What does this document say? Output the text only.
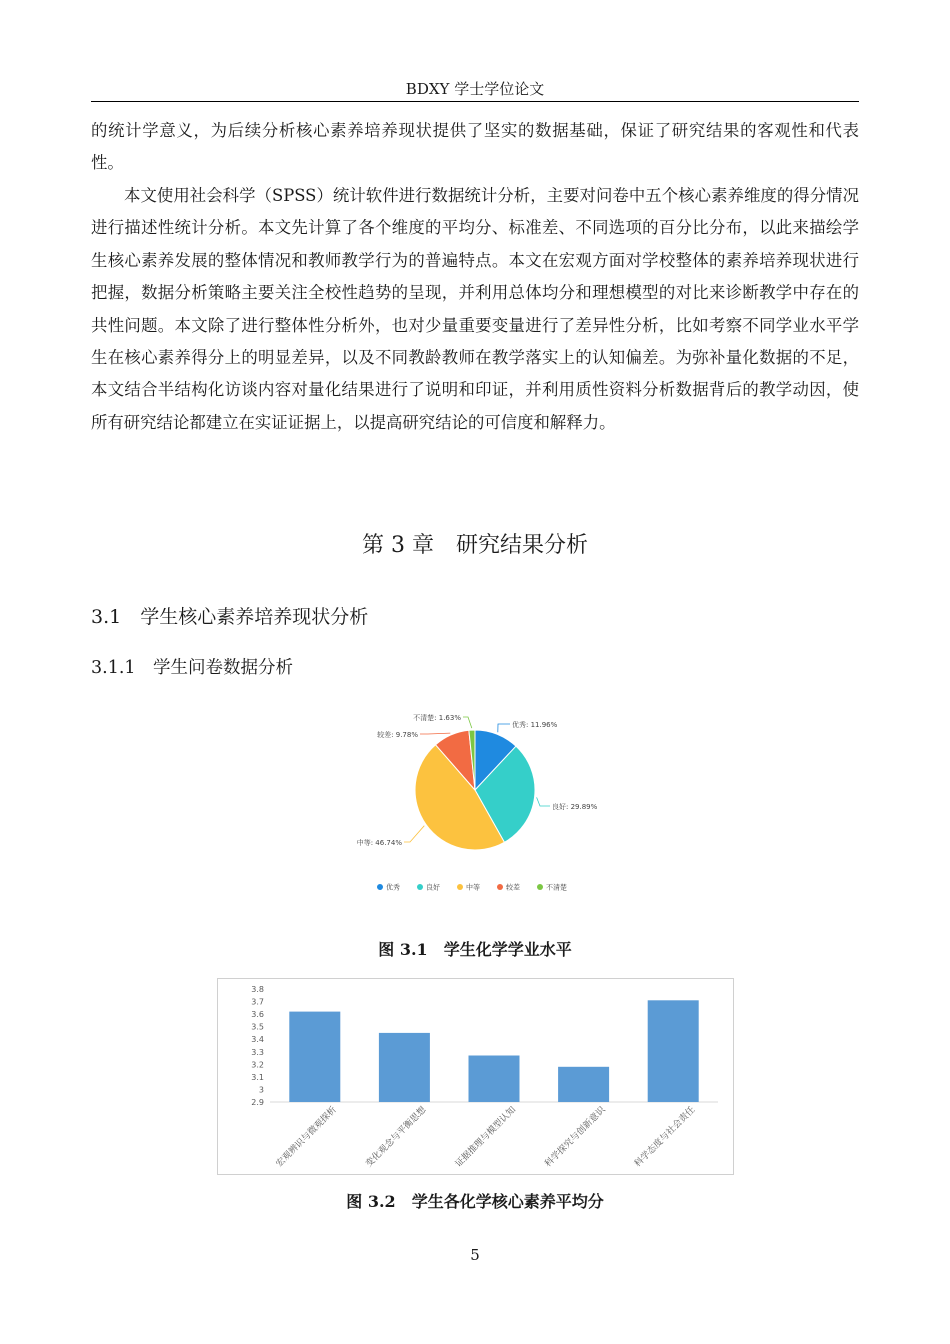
BDXY 学士学位论文

的统计学意义，为后续分析核心素养培养现状提供了坚实的数据基础，保证了研究结果的客观性和代表性。

本文使用社会科学（SPSS）统计软件进行数据统计分析，主要对问卷中五个核心素养维度的得分情况进行描述性统计分析。本文先计算了各个维度的平均分、标准差、不同选项的百分比分布，以此来描绘学生核心素养发展的整体情况和教师教学行为的普遍特点。本文在宏观方面对学校整体的素养培养现状进行把握，数据分析策略主要关注全校性趋势的呈现，并利用总体均分和理想模型的对比来诊断教学中存在的共性问题。本文除了进行整体性分析外，也对少量重要变量进行了差异性分析，比如考察不同学业水平学生在核心素养得分上的明显差异，以及不同教龄教师在教学落实上的认知偏差。为弥补量化数据的不足，本文结合半结构化访谈内容对量化结果进行了说明和印证，并利用质性资料分析数据背后的教学动因，使所有研究结论都建立在实证证据上，以提高研究结论的可信度和解释力。

第 3 章　研究结果分析
3.1　学生核心素养培养现状分析
3.1.1　学生问卷数据分析
优秀: 11.96%
良好: 29.89%
中等: 46.74%
较差: 9.78%
不清楚: 1.63%
优秀	良好	中等	较差	不清楚
图 3.1　学生化学学业水平
2.9
3
3.1
3.2
3.3
3.4
3.5
3.6
3.7
3.8
宏观辨识与微观探析	变化观念与平衡思想	证据推理与模型认知	科学探究与创新意识	科学态度与社会责任
图 3.2　学生各化学核心素养平均分
5
